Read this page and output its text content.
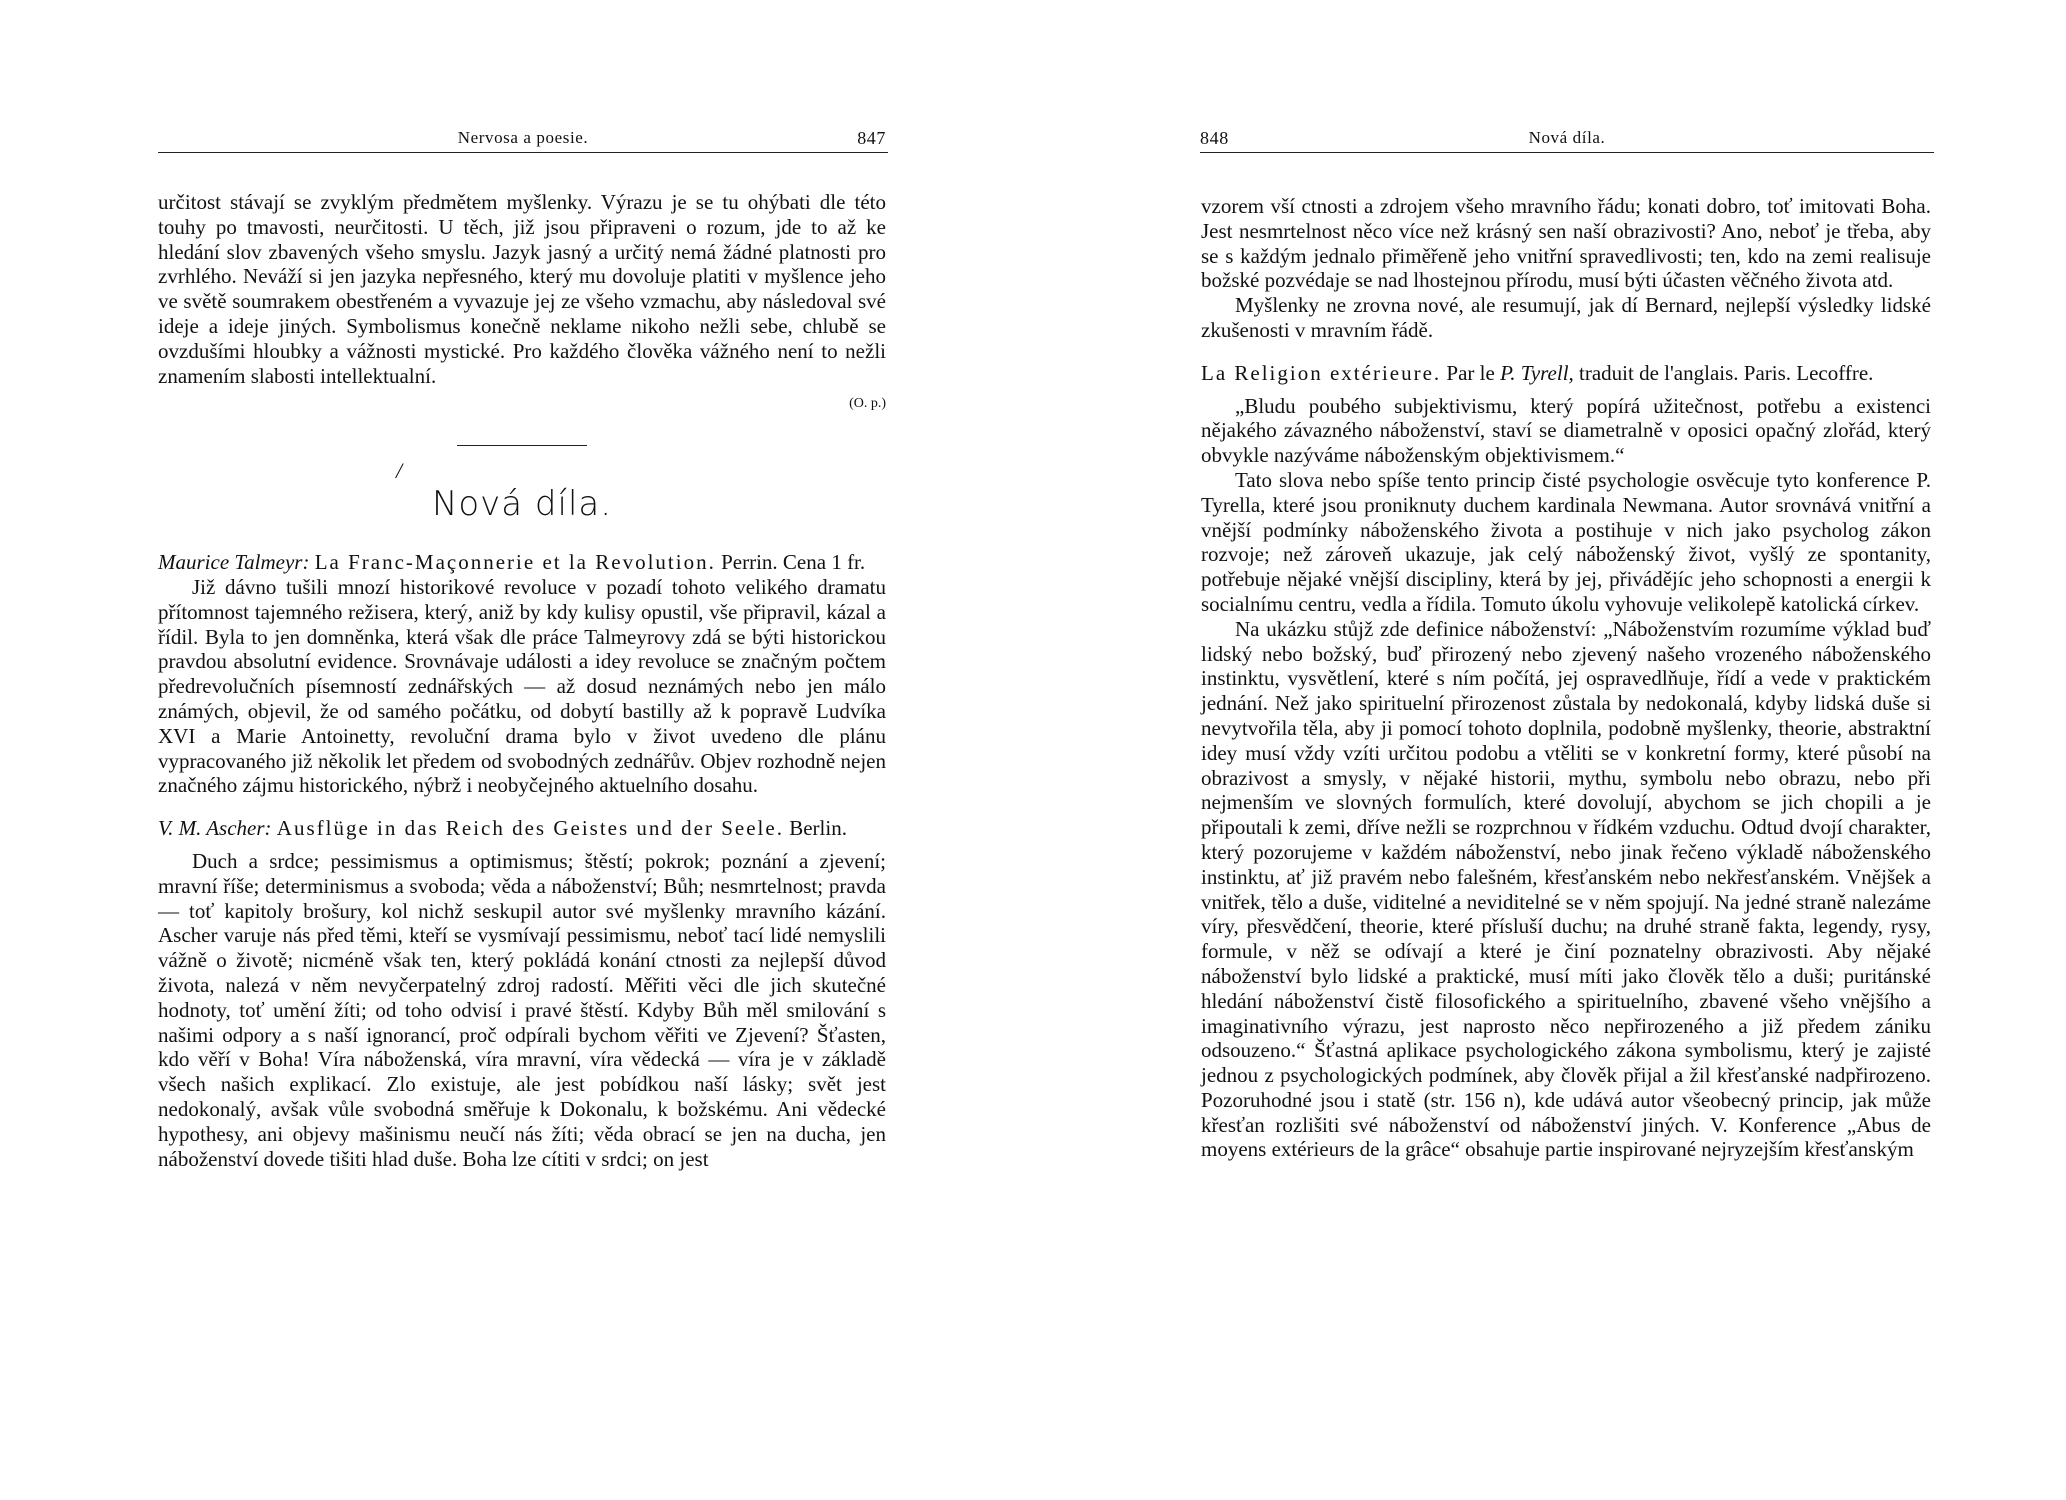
Nervosa a poesie.	847

určitost stávají se zvyklým předmětem myšlenky. Výrazu je se tu ohýbati dle této touhy po tmavosti, neurčitosti. U těch, již jsou připraveni o rozum, jde to až ke hledání slov zbavených všeho smyslu. Jazyk jasný a určitý nemá žádné platnosti pro zvrhlého. Neváží si jen jazyka nepřesného, který mu dovoluje platiti v myšlence jeho ve světě soumrakem obestřeném a vyvazuje jej ze všeho vzmachu, aby následoval své ideje a ideje jiných. Symbolismus konečně neklame nikoho nežli sebe, chlubě se ovzdušími hloubky a vážnosti mystické. Pro každého člověka vážného není to nežli znamením slabosti intellektualní.

(O. p.)

/
Nová díla.

Maurice Talmeyr: La Franc-Maçonnerie et la Revolution. Perrin. Cena 1 fr.

Již dávno tušili mnozí historikové revoluce v pozadí tohoto velikého dramatu přítomnost tajemného režisera, který, aniž by kdy kulisy opustil, vše připravil, kázal a řídil. Byla to jen domněnka, která však dle práce Talmeyrovy zdá se býti historickou pravdou absolutní evidence. Srovnávaje události a idey revoluce se značným počtem předrevolučních písemností zednářských — až dosud neznámých nebo jen málo známých, objevil, že od samého počátku, od dobytí bastilly až k popravě Ludvíka XVI a Marie Antoinetty, revoluční drama bylo v život uvedeno dle plánu vypracovaného již několik let předem od svobodných zednářův. Objev rozhodně nejen značného zájmu historického, nýbrž i neobyčejného aktuelního dosahu.

V. M. Ascher: Ausflüge in das Reich des Geistes und der Seele. Berlin.

Duch a srdce; pessimismus a optimismus; štěstí; pokrok; poznání a zjevení; mravní říše; determinismus a svoboda; věda a náboženství; Bůh; nesmrtelnost; pravda — toť kapitoly brošury, kol nichž seskupil autor své myšlenky mravního kázání. Ascher varuje nás před těmi, kteří se vysmívají pessimismu, neboť tací lidé nemyslili vážně o životě; nicméně však ten, který pokládá konání ctnosti za nejlepší důvod života, nalezá v něm nevyčerpatelný zdroj radostí. Měřiti věci dle jich skutečné hodnoty, toť umění žíti; od toho odvisí i pravé štěstí. Kdyby Bůh měl smilování s našimi odpory a s naší ignorancí, proč odpírali bychom věřiti ve Zjevení? Šťasten, kdo věří v Boha! Víra náboženská, víra mravní, víra vědecká — víra je v základě všech našich explikací. Zlo existuje, ale jest pobídkou naší lásky; svět jest nedokonalý, avšak vůle svobodná směřuje k Dokonalu, k božskému. Ani vědecké hypothesy, ani objevy mašinismu neučí nás žíti; věda obrací se jen na ducha, jen náboženství dovede tišiti hlad duše. Boha lze cítiti v srdci; on jest

848	Nová díla.

vzorem vší ctnosti a zdrojem všeho mravního řádu; konati dobro, toť imitovati Boha. Jest nesmrtelnost něco více než krásný sen naší obrazivosti? Ano, neboť je třeba, aby se s každým jednalo přiměřeně jeho vnitřní spravedlivosti; ten, kdo na zemi realisuje božské pozvédaje se nad lhostejnou přírodu, musí býti účasten věčného života atd.

Myšlenky ne zrovna nové, ale resumují, jak dí Bernard, nejlepší výsledky lidské zkušenosti v mravním řádě.

La Religion extérieure. Par le P. Tyrell, traduit de l'anglais. Paris. Lecoffre.

„Bludu poubého subjektivismu, který popírá užitečnost, potřebu a existenci nějakého závazného náboženství, staví se diametralně v oposici opačný zlořád, který obvykle nazýváme náboženským objektivismem.“

Tato slova nebo spíše tento princip čisté psychologie osvěcuje tyto konference P. Tyrella, které jsou proniknuty duchem kardinala Newmana. Autor srovnává vnitřní a vnější podmínky náboženského života a postihuje v nich jako psycholog zákon rozvoje; než zároveň ukazuje, jak celý náboženský život, vyšlý ze spontanity, potřebuje nějaké vnější discipliny, která by jej, přivádějíc jeho schopnosti a energii k socialnímu centru, vedla a řídila. Tomuto úkolu vyhovuje velikolepě katolická církev.

Na ukázku stůjž zde definice náboženství: „Náboženstvím rozumíme výklad buď lidský nebo božský, buď přirozený nebo zjevený našeho vrozeného náboženského instinktu, vysvětlení, které s ním počítá, jej ospravedlňuje, řídí a vede v praktickém jednání. Než jako spirituelní přirozenost zůstala by nedokonalá, kdyby lidská duše si nevytvořila těla, aby ji pomocí tohoto doplnila, podobně myšlenky, theorie, abstraktní idey musí vždy vzíti určitou podobu a vtěliti se v konkretní formy, které působí na obrazivost a smysly, v nějaké historii, mythu, symbolu nebo obrazu, nebo při nejmenším ve slovných formulích, které dovolují, abychom se jich chopili a je připoutali k zemi, dříve nežli se rozprchnou v řídkém vzduchu. Odtud dvojí charakter, který pozorujeme v každém náboženství, nebo jinak řečeno výkladě náboženského instinktu, ať již pravém nebo falešném, křesťanském nebo nekřesťanském. Vnějšek a vnitřek, tělo a duše, viditelné a neviditelné se v něm spojují. Na jedné straně nalezáme víry, přesvědčení, theorie, které přísluší duchu; na druhé straně fakta, legendy, rysy, formule, v něž se odívají a které je činí poznatelny obrazivosti. Aby nějaké náboženství bylo lidské a praktické, musí míti jako člověk tělo a duši; puritánské hledání náboženství čistě filosofického a spirituelního, zbavené všeho vnějšího a imaginativního výrazu, jest naprosto něco nepřirozeného a již předem zániku odsouzeno.“ Šťastná aplikace psychologického zákona symbolismu, který je zajisté jednou z psychologických podmínek, aby člověk přijal a žil křesťanské nadpřirozeno. Pozoruhodné jsou i statě (str. 156 n), kde udává autor všeobecný princip, jak může křesťan rozlišiti své náboženství od náboženství jiných. V. Konference „Abus de moyens extérieurs de la grâce“ obsahuje partie inspirované nejryzejším křesťanským
